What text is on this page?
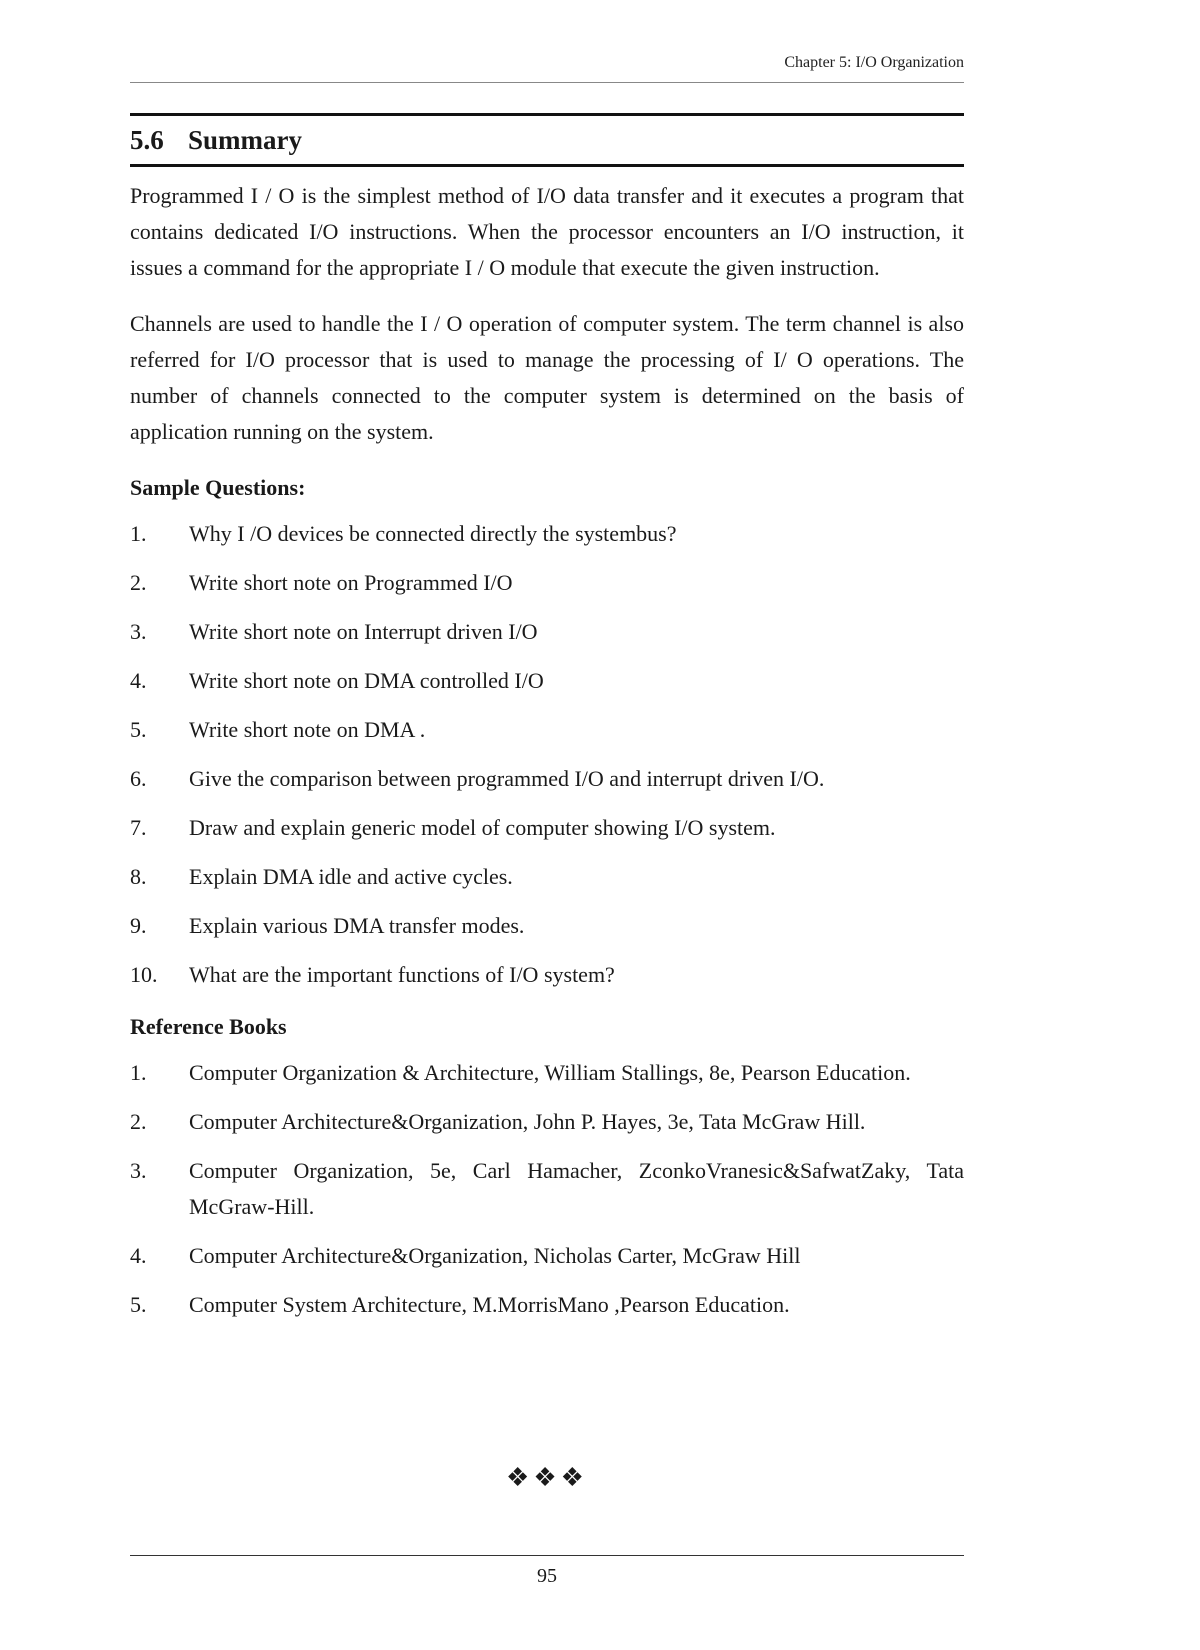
Chapter 5: I/O Organization
5.6 Summary

Programmed I / O is the simplest method of I/O data transfer and it executes a program that contains dedicated I/O instructions. When the processor encounters an I/O instruction, it issues a command for the appropriate I / O module that execute the given instruction.

Channels are used to handle the I / O operation of computer system. The term channel is also referred for I/O processor that is used to manage the processing of I/ O operations. The number of channels connected to the computer system is determined on the basis of application running on the system.

Sample Questions:
1.	Why I /O devices be connected directly the systembus?
2.	Write short note on Programmed I/O
3.	Write short note on Interrupt driven I/O
4.	Write short note on DMA controlled I/O
5.	Write short note on DMA .
6.	Give the comparison between programmed I/O and interrupt driven I/O.
7.	Draw and explain generic model of computer showing I/O system.
8.	Explain DMA idle and active cycles.
9.	Explain various DMA transfer modes.
10.	What are the important functions of I/O system?
Reference Books
1.	Computer Organization & Architecture, William Stallings, 8e, Pearson Education.
2.	Computer Architecture&Organization, John P. Hayes, 3e, Tata McGraw Hill.
3.	Computer Organization, 5e, Carl Hamacher, ZconkoVranesic&SafwatZaky, Tata McGraw-Hill.
4.	Computer Architecture&Organization, Nicholas Carter, McGraw Hill
5.	Computer System Architecture, M.MorrisMano ,Pearson Education.
❖❖❖
95
